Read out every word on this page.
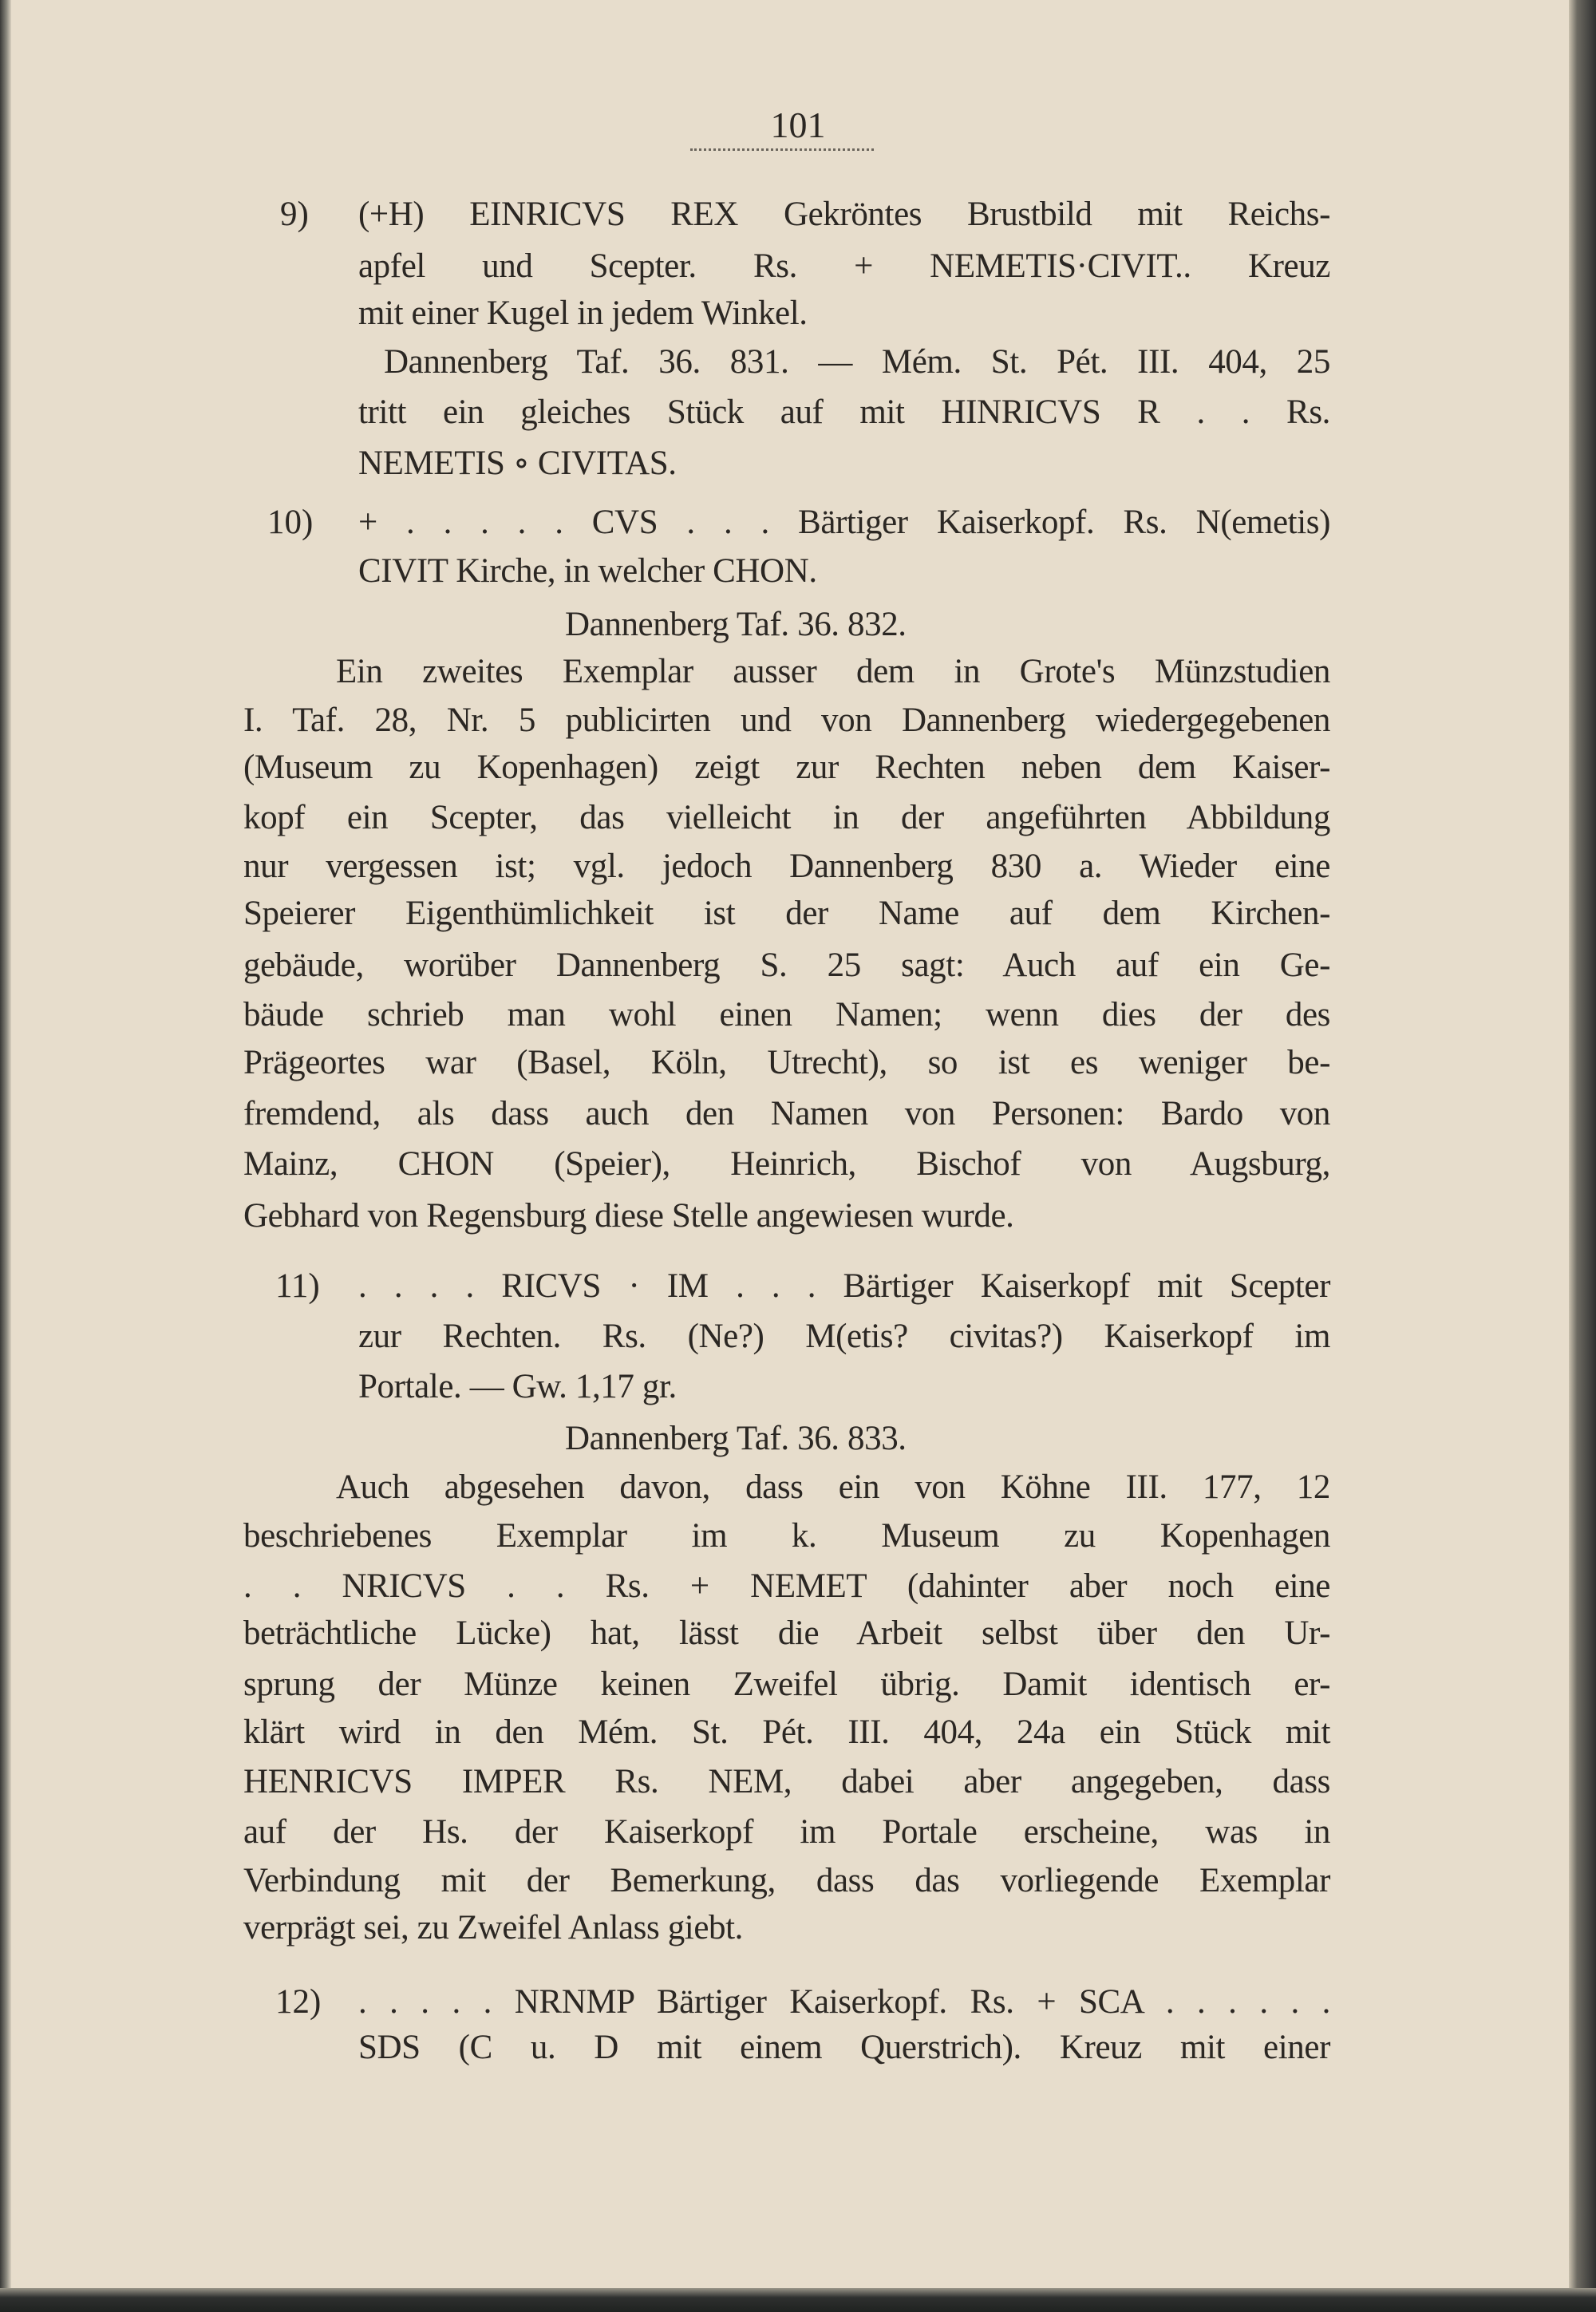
101
(+H) EINRICVS REX Gekröntes Brustbild mit Reichs-
apfel und Scepter. Rs. + NEMETIS·CIVIT.. Kreuz
mit einer Kugel in jedem Winkel.
Dannenberg Taf. 36. 831. — Mém. St. Pét. III. 404, 25
tritt ein gleiches Stück auf mit HINRICVS R . . Rs.
NEMETIS ∘ CIVITAS.
+ . . . . . CVS . . . Bärtiger Kaiserkopf. Rs. N(emetis)
CIVIT Kirche, in welcher CHON.
Dannenberg Taf. 36. 832.
Ein zweites Exemplar ausser dem in Grote's Münzstudien
I. Taf. 28, Nr. 5 publicirten und von Dannenberg wiedergegebenen
(Museum zu Kopenhagen) zeigt zur Rechten neben dem Kaiser-
kopf ein Scepter, das vielleicht in der angeführten Abbildung
nur vergessen ist; vgl. jedoch Dannenberg 830 a. Wieder eine
Speierer Eigenthümlichkeit ist der Name auf dem Kirchen-
gebäude, worüber Dannenberg S. 25 sagt: Auch auf ein Ge-
bäude schrieb man wohl einen Namen; wenn dies der des
Prägeortes war (Basel, Köln, Utrecht), so ist es weniger be-
fremdend, als dass auch den Namen von Personen: Bardo von
Mainz, CHON (Speier), Heinrich, Bischof von Augsburg,
Gebhard von Regensburg diese Stelle angewiesen wurde.
. . . . RICVS · IM . . . Bärtiger Kaiserkopf mit Scepter
zur Rechten. Rs. (Ne?) M(etis? civitas?) Kaiserkopf im
Portale. — Gw. 1,17 gr.
Dannenberg Taf. 36. 833.
Auch abgesehen davon, dass ein von Köhne III. 177, 12
beschriebenes Exemplar im k. Museum zu Kopenhagen
. . NRICVS . . Rs. + NEMET (dahinter aber noch eine
beträchtliche Lücke) hat, lässt die Arbeit selbst über den Ur-
sprung der Münze keinen Zweifel übrig. Damit identisch er-
klärt wird in den Mém. St. Pét. III. 404, 24a ein Stück mit
HENRICVS IMPER Rs. NEM, dabei aber angegeben, dass
auf der Hs. der Kaiserkopf im Portale erscheine, was in
Verbindung mit der Bemerkung, dass das vorliegende Exemplar
verprägt sei, zu Zweifel Anlass giebt.
. . . . . NRNMP Bärtiger Kaiserkopf. Rs. + SCA . . . . . .
SDS (C u. D mit einem Querstrich). Kreuz mit einer
9)
10)
11)
12)
